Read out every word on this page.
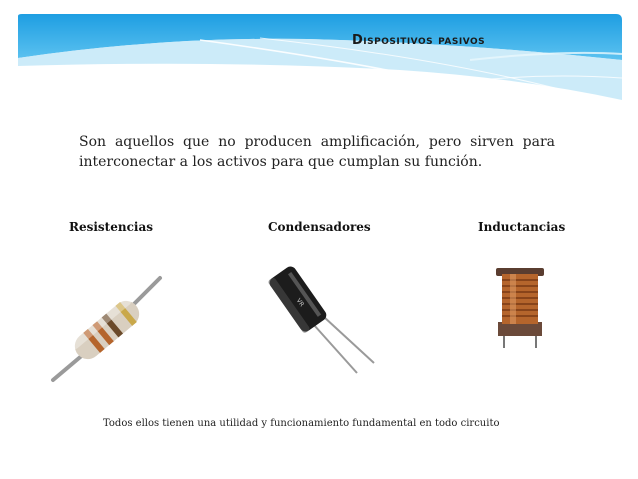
Dispositivos pasivos
Son aquellos que no producen amplificación, pero sirven para interconectar a los activos para que cumplan su función.
Resistencias	Condensadores	Inductancias
VR
Todos ellos tienen una utilidad y funcionamiento fundamental en todo circuito
